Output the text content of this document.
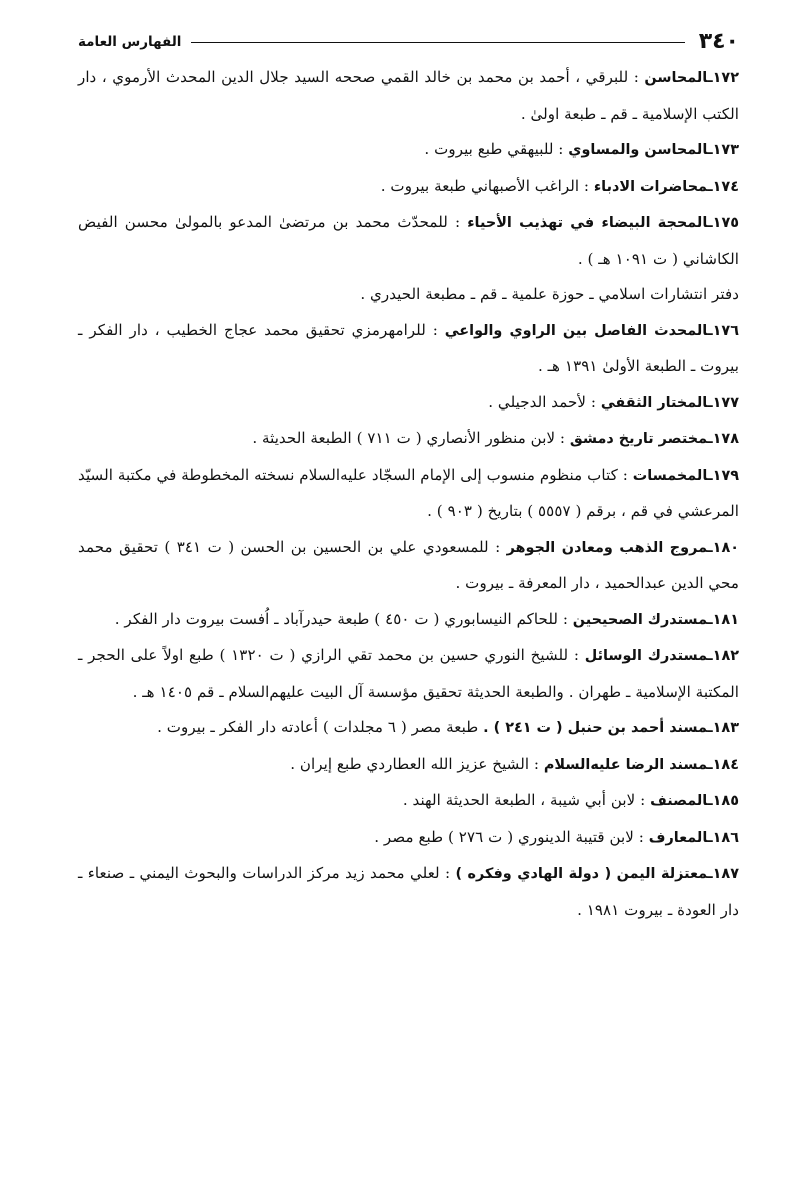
٣٤٠
الفهارس العامة

١٧٢ـالمحاسن : للبرقي ، أحمد بن محمد بن خالد القمي صححه السيد جلال الدين المحدث الأرموي ، دار الكتب الإسلامية ـ قم ـ طبعة اولىٰ .

١٧٣ـالمحاسن والمساوي : للبيهقي طبع بيروت .

١٧٤ـمحاضرات الادباء : الراغب الأصبهاني طبعة بيروت .

١٧٥ـالمحجة البيضاء في تهذيب الأحياء : للمحدّث محمد بن مرتضىٰ المدعو بالمولىٰ محسن الفيض الكاشاني ( ت ١٠٩١ هـ ) .

دفتر انتشارات اسلامي ـ حوزة علمية ـ قم ـ مطبعة الحيدري .

١٧٦ـالمحدث الفاصل بين الراوي والواعي : للرامهرمزي تحقيق محمد عجاج الخطيب ، دار الفكر ـ بيروت ـ الطبعة الأولىٰ ١٣٩١ هـ .

١٧٧ـالمختار الثقفي : لأحمد الدجيلي .

١٧٨ـمختصر تاريخ دمشق : لابن منظور الأنصاري ( ت ٧١١ ) الطبعة الحديثة .

١٧٩ـالمخمسات : كتاب منظوم منسوب إلى الإمام السجّاد عليه‌السلام نسخته المخطوطة في مكتبة السيّد المرعشي في قم ، برقم ( ٥٥٥٧ ) بتاريخ ( ٩٠٣ ) .

١٨٠ـمروج الذهب ومعادن الجوهر : للمسعودي علي بن الحسين بن الحسن ( ت ٣٤١ ) تحقيق محمد محي الدين عبدالحميد ، دار المعرفة ـ بيروت .

١٨١ـمستدرك الصحيحين : للحاكم النيسابوري ( ت ٤٥٠ ) طبعة حيدرآباد ـ اُفست بيروت دار الفكر .

١٨٢ـمستدرك الوسائل : للشيخ النوري حسين بن محمد تقي الرازي ( ت ١٣٢٠ ) طبع اولاً على الحجر ـ المكتبة الإسلامية ـ طهران . والطبعة الحديثة تحقيق مؤسسة آل البيت عليهم‌السلام ـ قم ١٤٠٥ هـ .

١٨٣ـمسند أحمد بن حنبل ( ت ٢٤١ ) . طبعة مصر ( ٦ مجلدات ) أعادته دار الفكر ـ بيروت .

١٨٤ـمسند الرضا عليه‌السلام : الشيخ عزيز الله العطاردي طبع إيران .

١٨٥ـالمصنف : لابن أبي شيبة ، الطبعة الحديثة الهند .

١٨٦ـالمعارف : لابن قتيبة الدينوري ( ت ٢٧٦ ) طبع مصر .

١٨٧ـمعتزلة اليمن ( دولة الهادي وفكره ) : لعلي محمد زيد مركز الدراسات والبحوث اليمني ـ صنعاء ـ دار العودة ـ بيروت ١٩٨١ .
